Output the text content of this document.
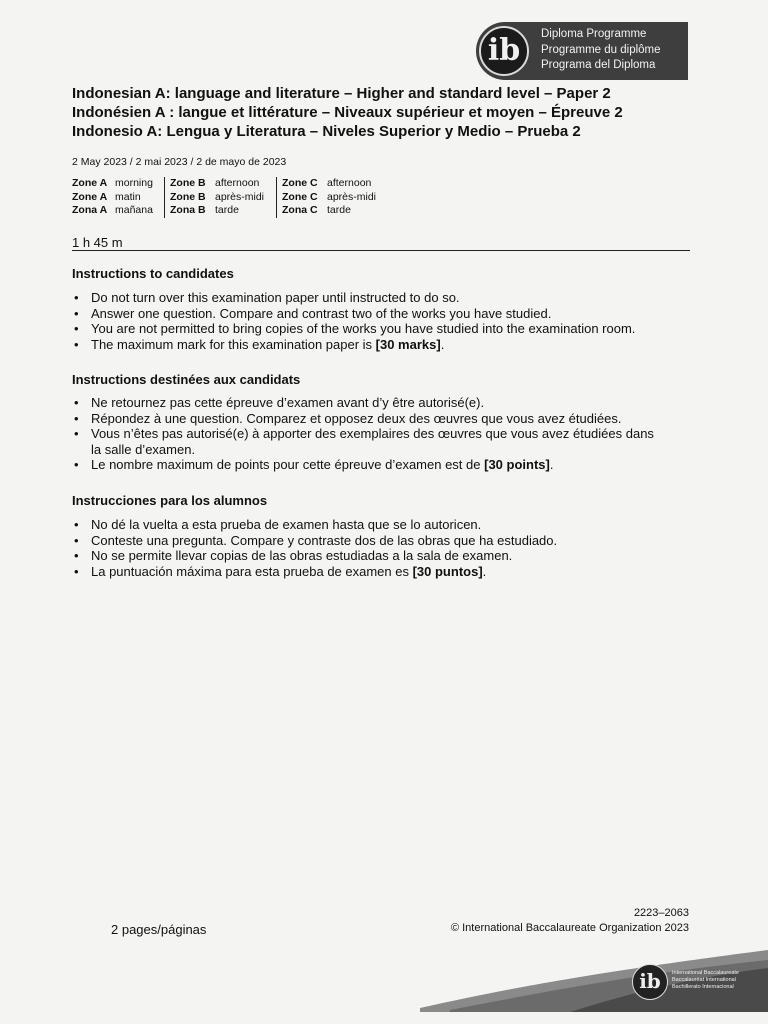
ib	Diploma Programme
Programme du diplôme
Programa del Diploma
Indonesian A: language and literature – Higher and standard level – Paper 2
Indonésien A : langue et littérature – Niveaux supérieur et moyen – Épreuve 2
Indonesio A: Lengua y Literatura – Niveles Superior y Medio – Prueba 2
2 May 2023 / 2 mai 2023 / 2 de mayo de 2023
Zone A morning
Zone A matin
Zona A mañana
Zone B afternoon
Zone B après-midi
Zona B tarde
Zone C afternoon
Zone C après-midi
Zona C tarde
1 h 45 m
Instructions to candidates
• Do not turn over this examination paper until instructed to do so.
• Answer one question. Compare and contrast two of the works you have studied.
• You are not permitted to bring copies of the works you have studied into the examination room.
• The maximum mark for this examination paper is [30 marks].
Instructions destinées aux candidats
• Ne retournez pas cette épreuve d’examen avant d’y être autorisé(e).
• Répondez à une question. Comparez et opposez deux des œuvres que vous avez étudiées.
• Vous n’êtes pas autorisé(e) à apporter des exemplaires des œuvres que vous avez étudiées dans la salle d’examen.
• Le nombre maximum de points pour cette épreuve d’examen est de [30 points].
Instrucciones para los alumnos
• No dé la vuelta a esta prueba de examen hasta que se lo autoricen.
• Conteste una pregunta. Compare y contraste dos de las obras que ha estudiado.
• No se permite llevar copias de las obras estudiadas a la sala de examen.
• La puntuación máxima para esta prueba de examen es [30 puntos].
2 pages/páginas
2223–2063
© International Baccalaureate Organization 2023
ib	International Baccalaureate
Baccalauréat International
Bachillerato Internacional
